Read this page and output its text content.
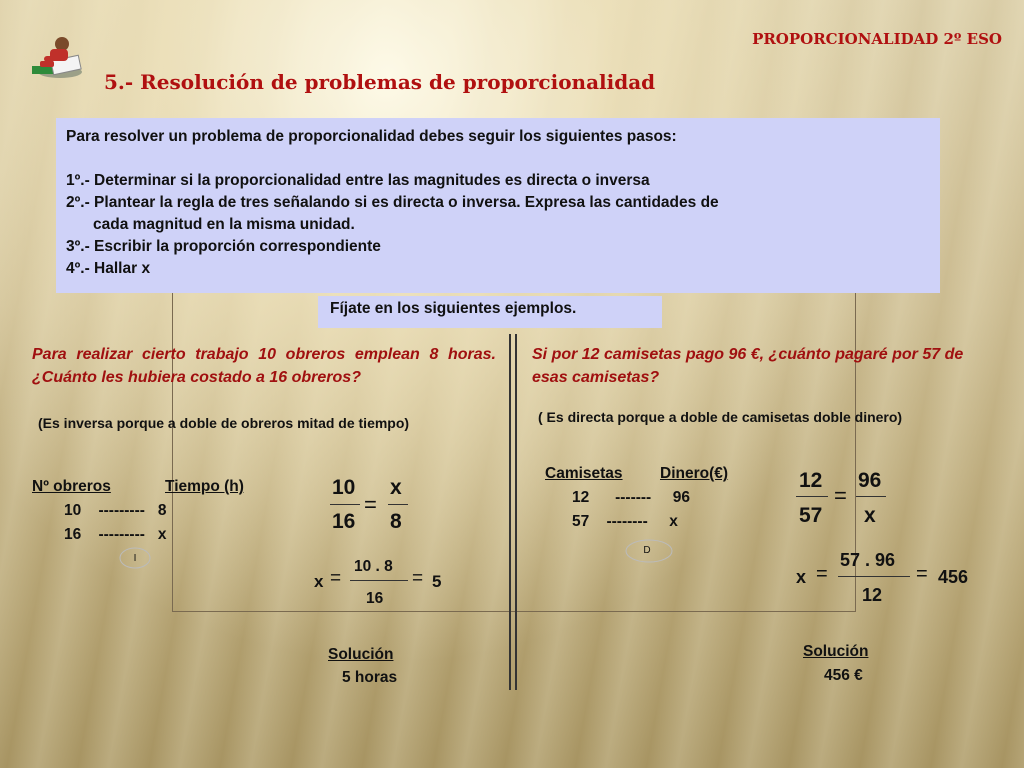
PROPORCIONALIDAD 2º ESO
5.- Resolución de problemas de proporcionalidad
Para resolver un problema de proporcionalidad debes seguir los siguientes pasos:
1º.- Determinar si la proporcionalidad entre las magnitudes es directa o inversa
2º.- Plantear la regla de tres señalando si es directa o inversa. Expresa las cantidades de
cada magnitud en la misma unidad.
3º.- Escribir la proporción correspondiente
4º.- Hallar x
Fíjate en los siguientes ejemplos.
Para realizar cierto trabajo 10 obreros emplean 8 horas. ¿Cuánto les hubiera costado a 16 obreros?
(Es inversa porque a doble de obreros mitad de tiempo)
Nº obreros	Tiempo (h)
10    ---------   8
16    ---------   x
I
10
16
=
x
8
x =
10 . 8
16
= 5
Solución
5 horas
Si por 12 camisetas pago 96 €, ¿cuánto pagaré por 57 de esas camisetas?
( Es directa porque a doble de camisetas doble dinero)
Camisetas Dinero(€)
12      -------     96
57    --------     x
D
12
57
=
96
x
x =
57 . 96
12
= 456
Solución
456 €
